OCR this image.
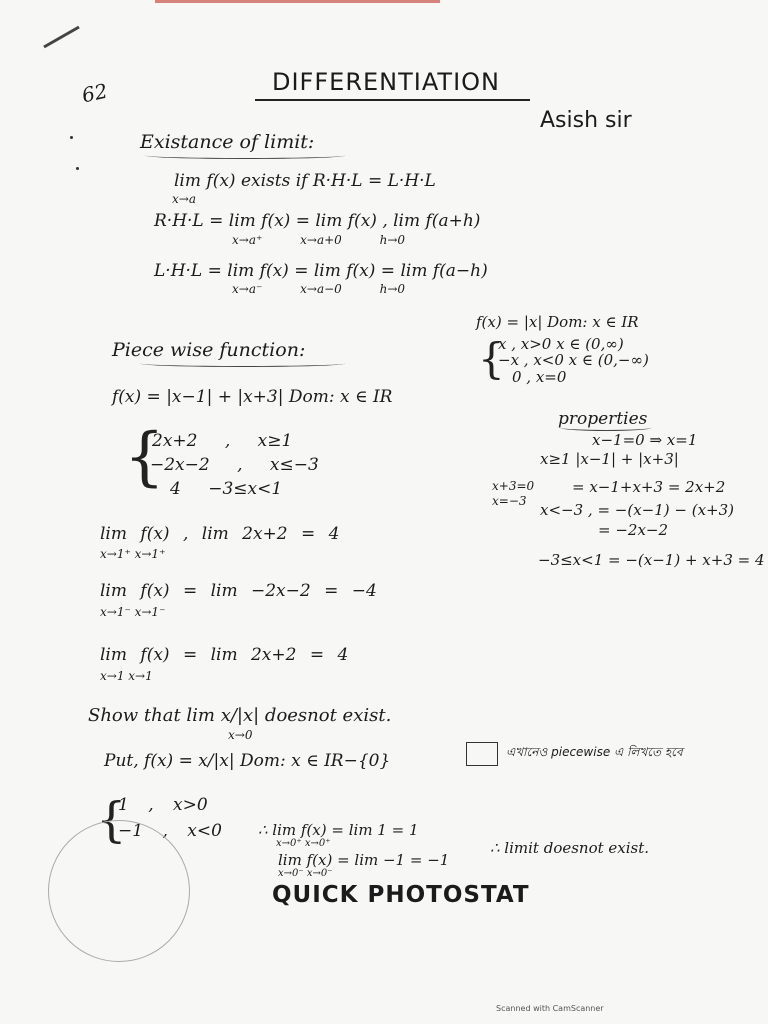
62	DIFFERENTIATION
Asish sir
Existance of limit:
lim f(x) exists if R·H·L = L·H·L
x→a
R·H·L = lim f(x) = lim f(x) , lim f(a+h)
x→a⁺ x→a+0 h→0
L·H·L = lim f(x) = lim f(x) = lim f(a−h)
x→a⁻ x→a−0 h→0
f(x) = |x| Dom: x ∈ IR
{
x , x>0 x ∈ (0,∞)
−x , x<0 x ∈ (0,−∞)
0 , x=0
Piece wise function:
f(x) = |x−1| + |x+3| Dom: x ∈ IR
{
2x+2 , x≥1
−2x−2 , x≤−3
4 −3≤x<1
properties
x−1=0 ⇒ x=1
x≥1 |x−1| + |x+3|
x+3=0
x=−3
= x−1+x+3 = 2x+2
x<−3 , = −(x−1) − (x+3)
= −2x−2
−3≤x<1 = −(x−1) + x+3 = 4
lim f(x) , lim 2x+2 = 4
x→1⁺ x→1⁺
lim f(x) = lim −2x−2 = −4
x→1⁻ x→1⁻
lim f(x) = lim 2x+2 = 4
x→1 x→1
Show that lim x/|x| doesnot exist.
x→0
Put, f(x) = x/|x| Dom: x ∈ IR−{0}	এখানেও piecewise এ লিখতে হবে
{
1 , x>0
−1 , x<0 ∴ lim f(x) = lim 1 = 1
x→0⁺ x→0⁺
lim f(x) = lim −1 = −1
x→0⁻ x→0⁻
∴ limit doesnot exist.
QUICK PHOTOSTAT
Scanned with CamScanner
